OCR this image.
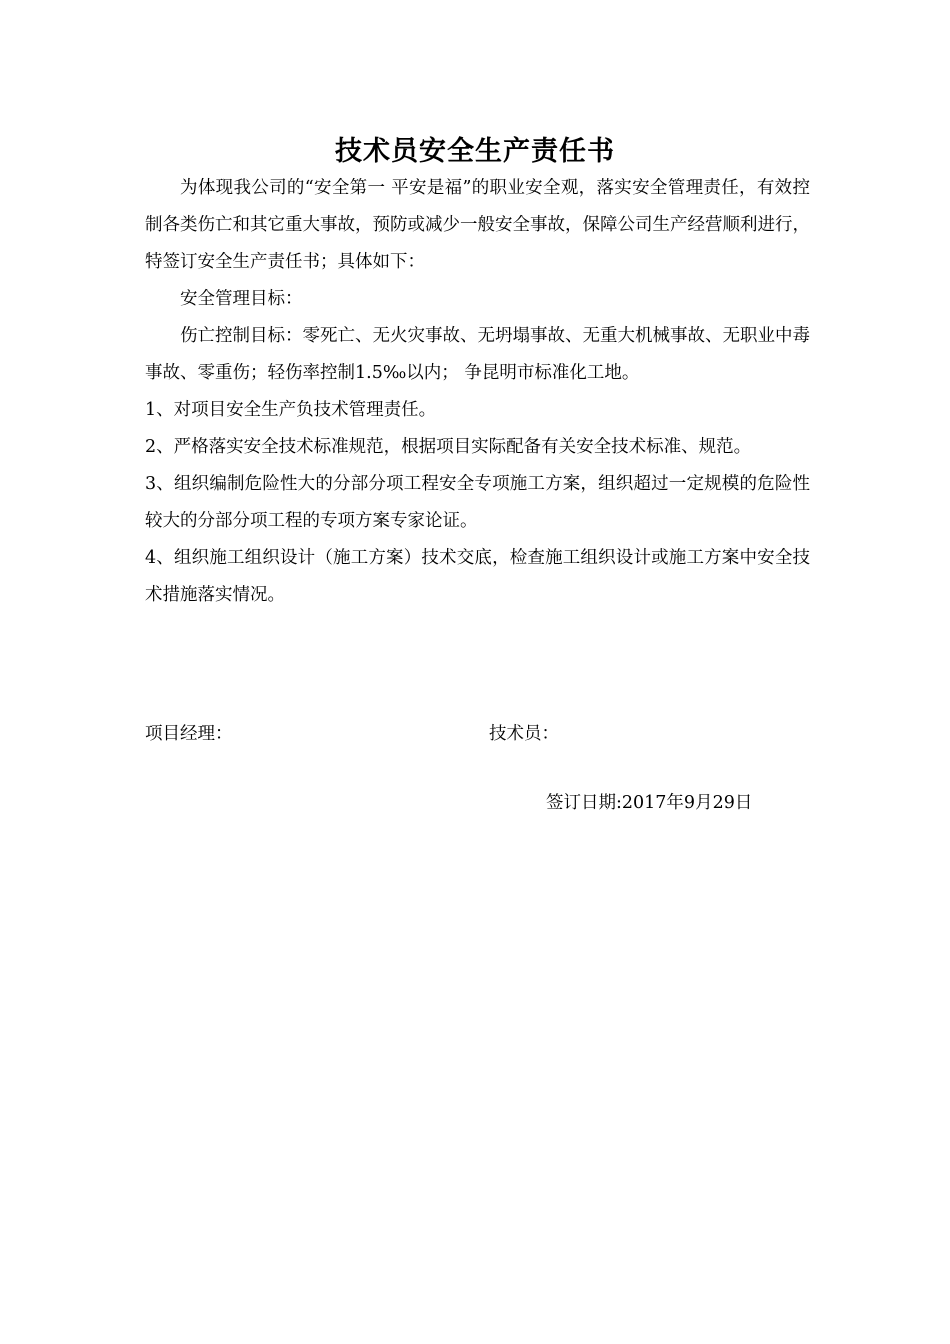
技术员安全生产责任书

为体现我公司的“安全第一 平安是福”的职业安全观，落实安全管理责任，有效控制各类伤亡和其它重大事故，预防或减少一般安全事故，保障公司生产经营顺利进行，特签订安全生产责任书；具体如下：

安全管理目标：

伤亡控制目标：零死亡、无火灾事故、无坍塌事故、无重大机械事故、无职业中毒事故、零重伤；轻伤率控制1.5‰以内； 争昆明市标准化工地。

1、对项目安全生产负技术管理责任。

2、严格落实安全技术标准规范，根据项目实际配备有关安全技术标准、规范。

3、组织编制危险性大的分部分项工程安全专项施工方案，组织超过一定规模的危险性较大的分部分项工程的专项方案专家论证。

4、组织施工组织设计（施工方案）技术交底，检查施工组织设计或施工方案中安全技术措施落实情况。

项目经理：	技术员：
签订日期:2017年9月29日
